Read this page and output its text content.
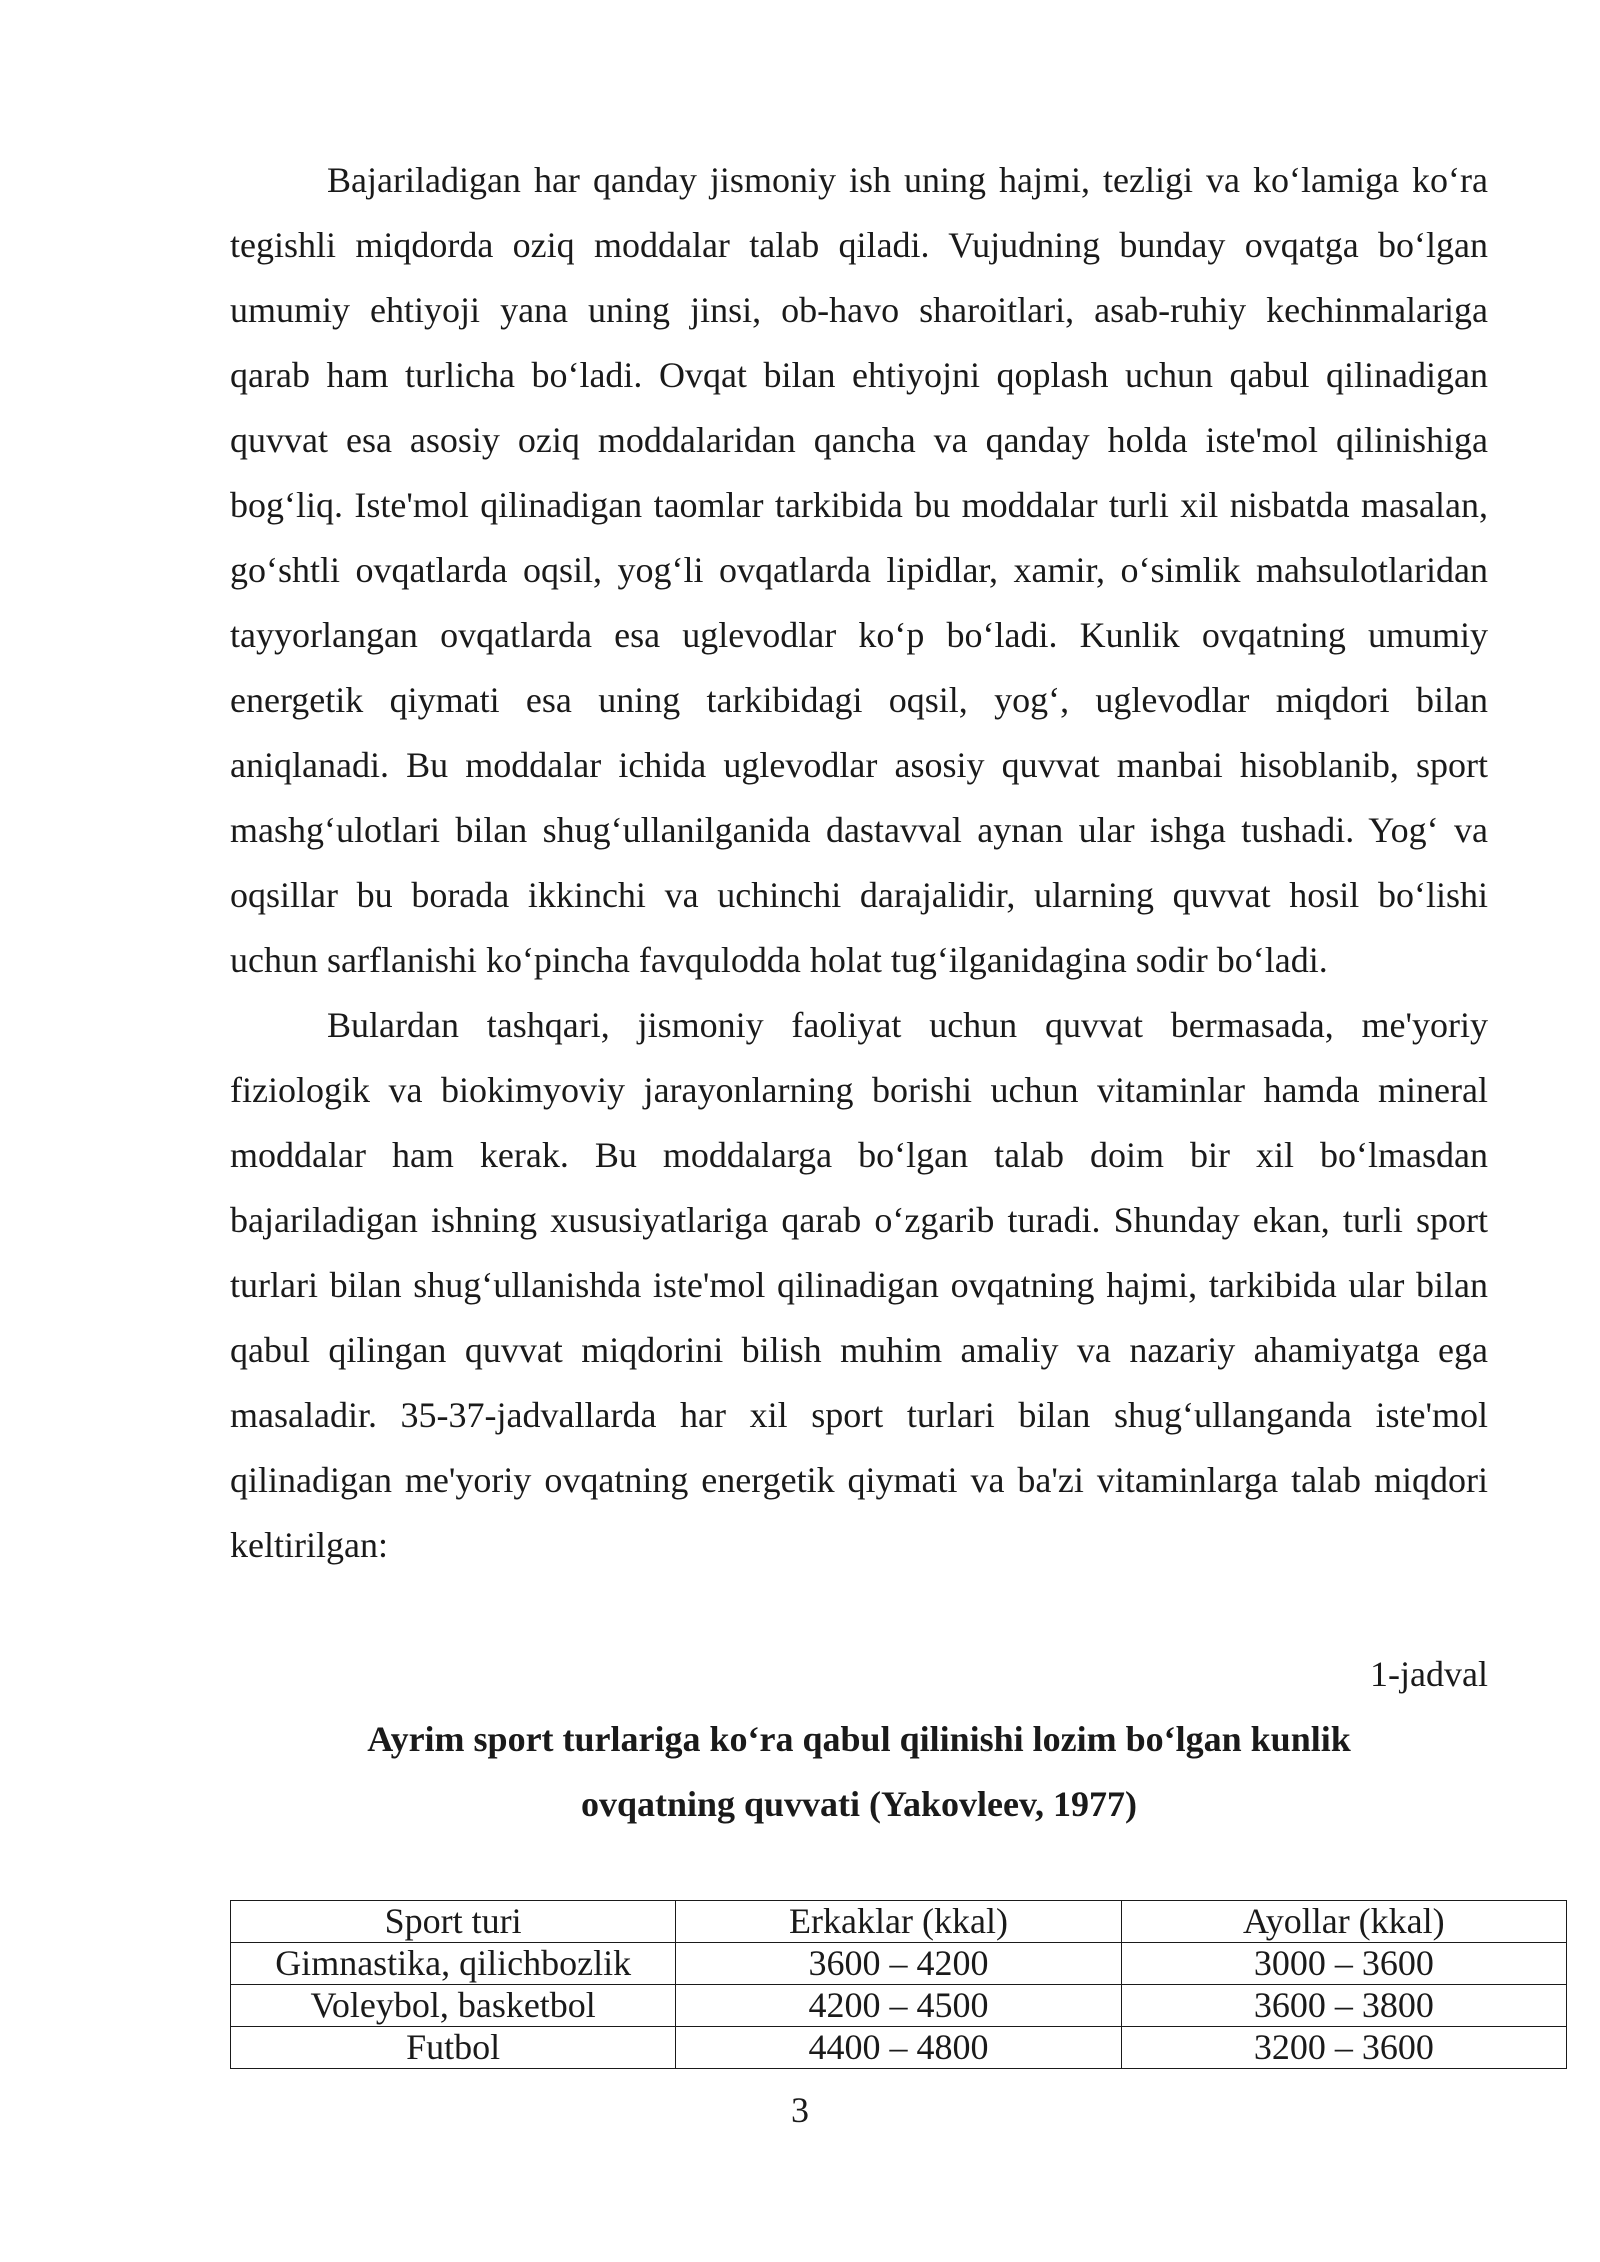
Bajariladigan har qanday jismoniy ish uning hajmi, tezligi va koʻlamiga koʻra tegishli miqdorda oziq moddalar talab qiladi. Vujudning bunday ovqatga boʻlgan umumiy ehtiyoji yana uning jinsi, ob-havo sharoitlari, asab-ruhiy kechinmalariga qarab ham turlicha boʻladi. Ovqat bilan ehtiyojni qoplash uchun qabul qilinadigan quvvat esa asosiy oziq moddalaridan qancha va qanday holda iste'mol qilinishiga bogʻliq. Iste'mol qilinadigan taomlar tarkibida bu moddalar turli xil nisbatda masalan, goʻshtli ovqatlarda oqsil, yogʻli ovqatlarda lipidlar, xamir, oʻsimlik mahsulotlaridan tayyorlangan ovqatlarda esa uglevodlar koʻp boʻladi. Kunlik ovqatning umumiy energetik qiymati esa uning tarkibidagi oqsil, yogʻ, uglevodlar miqdori bilan aniqlanadi. Bu moddalar ichida uglevodlar asosiy quvvat manbai hisoblanib, sport mashgʻulotlari bilan shugʻullanilganida dastavval aynan ular ishga tushadi. Yogʻ va oqsillar bu borada ikkinchi va uchinchi darajalidir, ularning quvvat hosil boʻlishi uchun sarflanishi koʻpincha favqulodda holat tugʻilganidagina sodir boʻladi.

Bulardan tashqari, jismoniy faoliyat uchun quvvat bermasada, me'yoriy fiziologik va biokimyoviy jarayonlarning borishi uchun vitaminlar hamda mineral moddalar ham kerak. Bu moddalarga boʻlgan talab doim bir xil boʻlmasdan bajariladigan ishning xususiyatlariga qarab oʻzgarib turadi. Shunday ekan, turli sport turlari bilan shugʻullanishda iste'mol qilinadigan ovqatning hajmi, tarkibida ular bilan qabul qilingan quvvat miqdorini bilish muhim amaliy va nazariy ahamiyatga ega masaladir. 35-37-jadvallarda har xil sport turlari bilan shugʻullanganda iste'mol qilinadigan me'yoriy ovqatning energetik qiymati va ba'zi vitaminlarga talab miqdori keltirilgan:

1-jadval
Ayrim sport turlariga koʻra qabul qilinishi lozim boʻlgan kunlik
ovqatning quvvati (Yakovleev, 1977)
Sport turi	Erkaklar (kkal)	Ayollar (kkal)
Gimnastika, qilichbozlik	3600 – 4200	3000 – 3600
Voleybol, basketbol	4200 – 4500	3600 – 3800
Futbol	4400 – 4800	3200 – 3600
3
